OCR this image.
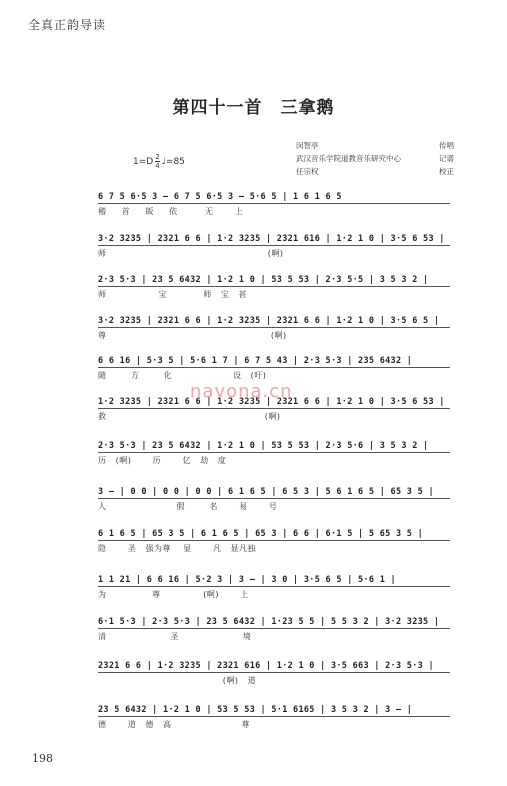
全真正韵导读
第四十一首　三拿鹅
$1=D \frac{2}{4}$ ♩=85
闵智亭	传唱
武汉音乐学院道教音乐研究中心	记谱
任宗权	校正
6 7 5 6·5 3 — 6 7 5 6·5 3 — 5·6 5 | 1 6 1 6 5
稽     首     皈     依         无       上
3·2 3235 | 2321 6 6 | 1·2 3235 | 2321 616 | 1·2 1 0 | 3·5 6 53 |
师                                                     (啊)
2·3 5·3 | 23 5 6432 | 1·2 1 0 | 53 5 53 | 2·3 5·5 | 3 5 3 2 |
师                 宝            师   宝   甚
3·2 3235 | 2321 6 6 | 1·2 3235 | 2321 6 6 | 1·2 1 0 | 3·5 6 5 |
尊                                                      (啊)
6 6 16 | 5·3 5 | 5·6 1 7 | 6 7 5 43 | 2·3 5·3 | 235 6432 |
随        方        化                    设   (吁)
1·2 3235 | 2321 6 6 | 1·2 3235 | 2321 6 6 | 1·2 1 0 | 3·5 6 53 |
救                                                    (啊)
2·3 5·3 | 23 5 6432 | 1·2 1 0 | 53 5 53 | 2·3 5·6 | 3 5 3 2 |
历   (啊)       历       亿   劫   度
3 — | 0 0 | 0 0 | 0 0 | 6 1 6 5 | 6 5 3 | 5 6 1 6 5 | 65 3 5 |
人                       假        名       易       号
6 1 6 5 | 65 3 5 | 6 1 6 5 | 65 3 | 6 6 | 6·1 5 | 5 65 3 5 |
隐       圣   强为尊    显       凡   显凡独
1 1 21 | 6 6 16 | 5·2 3 | 3 — | 3 0 | 3·5 6 5 | 5·6 1 |
为               尊              (啊)       上
6·1 5·3 | 2·3 5·3 | 23 5 6432 | 1·23 5 5 | 5 5 3 2 | 3·2 3235 |
清                     圣                     境
2321 6 6 | 1·2 3235 | 2321 616 | 1·2 1 0 | 3·5 663 | 2·3 5·3 |
(啊)   道
23 5 6432 | 1·2 1 0 | 53 5 53 | 5·1 6165 | 3 5 3 2 | 3 — |
德       道   德   高                       尊
navona.cn
198
